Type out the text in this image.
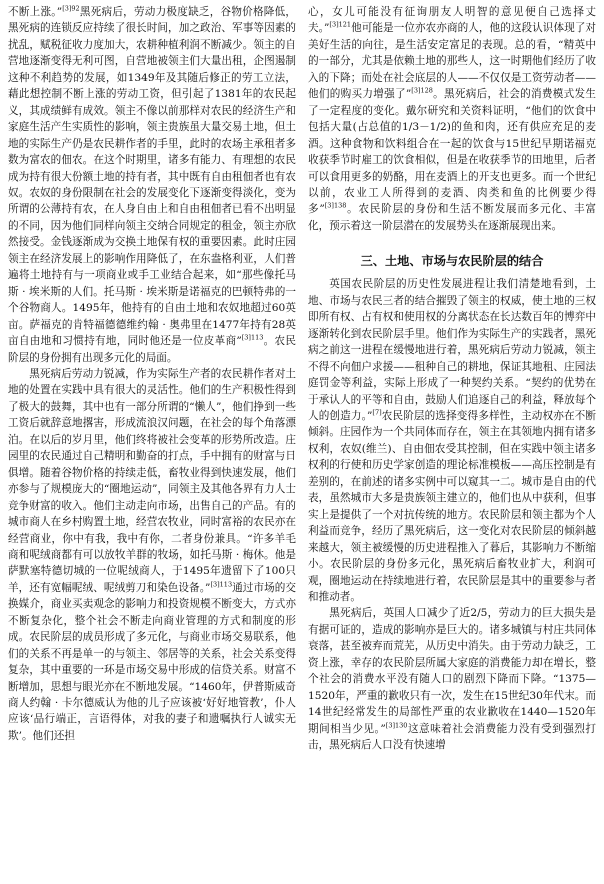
不断上涨。”$^{[3]92}$黑死病后，劳动力极度缺乏，谷物价格降低，黑死病的连锁反应持续了很长时间，加之政治、军事等因素的扰乱，赋税征收力度加大，农耕种植利润不断减少。领主的自营地逐渐变得无利可图，自营地被领主们大量出租，企图遏制这种不利趋势的发展，如1349年及其随后修正的劳工立法，藉此想控制不断上涨的劳动工资，但引起了1381年的农民起义，其成绩鲜有成效。领主不像以前那样对农民的经济生产和家庭生活产生实质性的影响，领主贵族虽大量交易土地，但土地的实际生产仍是农民耕作者的手里，此时的农场主承租者多数为富农的佃农。在这个时期里，诸多有能力、有理想的农民成为持有很大份额土地的持有者，其中既有自由租佃者也有农奴。农奴的身份限制在社会的发展变化下逐渐变得淡化，变为所谓的公薄持有农，在人身自由上和自由租佃者已看不出明显的不同，因为他们同样向领主交纳合同规定的租金，领主亦欣然接受。金钱逐渐成为交换土地保有权的重要因素。此时庄园领主在经济发展上的影响作用降低了，在东盎格利亚，人们普遍将土地持有与一项商业或手工业结合起来，如“那些像托马斯 · 埃米斯的人们。托马斯 · 埃米斯是诺福克的巴顿特弗的一个谷物商人。1495年，他持有的自由土地和农奴地超过60英亩。萨福克的肯特福德德维约翰 · 奥弗里在1477年持有28英亩自由地和习惯持有地，同时他还是一位皮革商”$^{[3]113}$。农民阶层的身份拥有出现多元化的局面。

黑死病后劳动力锐减，作为实际生产者的农民耕作者对土地的处置在实践中具有很大的灵活性。他们的生产积极性得到了极大的鼓舞，其中也有一部分所谓的“懒人”，他们挣到一些工资后就辞意地撂害，形成流浪汉问题，在社会的每个角落漂泊。在以后的岁月里，他们终将被社会变革的形势所改造。庄园里的农民通过自己精明和勤奋的打点，手中拥有的财富与日俱增。随着谷物价格的持续走低，畜牧业得到快速发展，他们亦参与了规模庞大的“圈地运动”，同领主及其他各界有力人士竞争财富的收入。他们主动走向市场，出售自己的产品。有的城市商人在乡村购置土地，经营农牧业，同时富裕的农民亦在经营商业，你中有我，我中有你，二者身份兼具。“许多羊毛商和呢绒商都有可以放牧羊群的牧场，如托马斯 · 梅休。他是萨默塞特德切城的一位呢绒商人，于1495年遗留下了100只羊，还有宽幅呢绒、呢绒剪刀和染色设备。”$^{[3]113}$通过市场的交换媒介，商业买卖观念的影响力和投资规模不断变大，方式亦不断复杂化，整个社会不断走向商业管理的方式和制度的形成。农民阶层的成员形成了多元化，与商业市场交易联系，他们的关系不再是单一的与领主、邻居等的关系，社会关系变得复杂，其中重要的一环是市场交易中形成的信贷关系。财富不断增加，思想与眼光亦在不断地发展。“1460年，伊普斯威奇商人约翰 · 卡尔德威认为他的儿子应该被‘好好地管教’，仆人应该‘品行端正，言语得体，对我的妻子和遗嘱执行人诚实无欺’。他们还担

心，女儿可能没有征询朋友人明智的意见便自己选择丈夫。”$^{[3]121}$他可能是一位亦农亦商的人，他的这段认识体现了对美好生活的向往，是生活安定富足的表现。总的看，“精英中的一部分，尤其是依赖土地的那些人，这一时期他们经历了收入的下降；而处在社会底层的人——不仅仅是工资劳动者——他们的购买力增强了”$^{[3]128}$。黑死病后，社会的消费模式发生了一定程度的变化。戴尔研究和关资料证明，“他们的饮食中包括大量(占总值的1/3－1/2)的鱼和肉，还有供应充足的麦酒。这种食物和饮料组合在一起的饮食与15世纪早期诺福克收获季节时雇工的饮食相似，但是在收获季节的田地里，后者可以食用更多的奶酪，用在麦酒上的开支也更多。而一个世纪以前，农业工人所得到的麦酒、肉类和鱼的比例要少得多”$^{[3]138}$。农民阶层的身份和生活不断发展而多元化、丰富化，预示着这一阶层潜在的发展势头在逐渐展现出来。

三、土地、市场与农民阶层的结合

英国农民阶层的历史性发展进程让我们清楚地看到，土地、市场与农民三者的结合摧毁了领主的权威，使土地的三权即所有权、占有权和使用权的分离状态在长达数百年的博弈中逐渐转化到农民阶层手里。他们作为实际生产的实践者，黑死病之前这一进程在缓慢地进行着，黑死病后劳动力锐减，领主不得不向佃户求援——租种自己的耕地，保证其地租、庄园法庭罚金等利益，实际上形成了一种契约关系。“契约的优势在于承认人的平等和自由，鼓励人们追逐自己的利益，释放每个人的创造力。”[7]农民阶层的选择变得多样性，主动权亦在不断倾斜。庄园作为一个共同体而存在，领主在其领地内拥有诸多权利，农奴(维兰)、自由佃农受其控制，但在实践中领主诸多权利的行使和历史学家创造的理论标准模板——高压控制是有差别的，在前述的诸多实例中可以窥其一二。城市是自由的代表，虽然城市大多是贵族领主建立的，他们也从中获利，但事实上是提供了一个对抗传统的地方。农民阶层和领主都为个人利益而竞争，经历了黑死病后，这一变化对农民阶层的倾斜越来越大，领主被缓慢的历史进程推入了暮后，其影响力不断缩小。农民阶层的身份多元化，黑死病后畜牧业扩大，利润可观，圈地运动在持续地进行着，农民阶层是其中的重要参与者和推动者。

黑死病后，英国人口减少了近2/5，劳动力的巨大损失是有据可证的，造成的影响亦是巨大的。诸多城镇与村庄共同体衰落，甚至被弃而荒芜，从历史中消失。由于劳动力缺乏，工资上涨，幸存的农民阶层所属大家庭的消费能力却在增长，整个社会的消费水平没有随人口的剧烈下降而下降。“1375—1520年，严重的歉收只有一次，发生在15世纪30年代末。而14世纪经常发生的局部性严重的农业歉收在1440—1520年期间相当少见。”$^{[3]130}$这意味着社会消费能力没有受到强烈打击，黑死病后人口没有快速增
